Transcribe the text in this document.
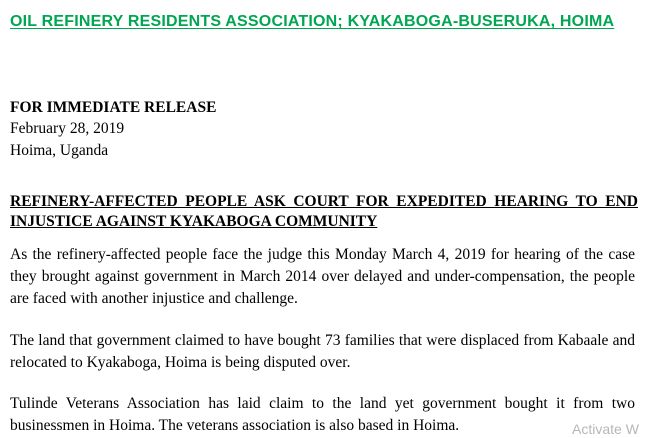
OIL REFINERY RESIDENTS ASSOCIATION; KYAKABOGA-BUSERUKA, HOIMA

FOR IMMEDIATE RELEASE

February 28, 2019

Hoima, Uganda

REFINERY-AFFECTED PEOPLE ASK COURT FOR EXPEDITED HEARING TO END INJUSTICE AGAINST KYAKABOGA COMMUNITY

As the refinery-affected people face the judge this Monday March 4, 2019 for hearing of the case they brought against government in March 2014 over delayed and under-compensation, the people are faced with another injustice and challenge.

The land that government claimed to have bought 73 families that were displaced from Kabaale and relocated to Kyakaboga, Hoima is being disputed over.

Tulinde Veterans Association has laid claim to the land yet government bought it from two businessmen in Hoima. The veterans association is also based in Hoima.	Activate W
